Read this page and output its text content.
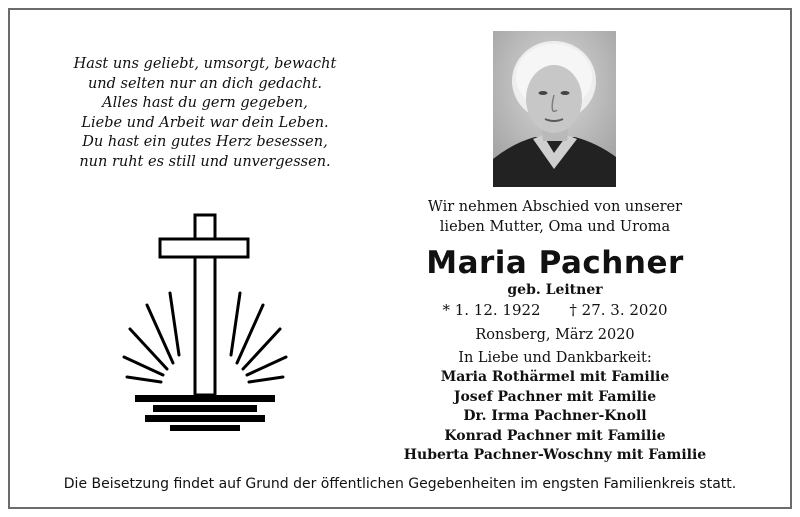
Hast uns geliebt, umsorgt, bewacht
und selten nur an dich gedacht.
Alles hast du gern gegeben,
Liebe und Arbeit war dein Leben.
Du hast ein gutes Herz besessen,
nun ruht es still und unvergessen.
Wir nehmen Abschied von unserer
lieben Mutter, Oma und Uroma
Maria Pachner
geb. Leitner
* 1. 12. 1922 † 27. 3. 2020
Ronsberg, März 2020
In Liebe und Dankbarkeit:
Maria Rothärmel mit Familie
Josef Pachner mit Familie
Dr. Irma Pachner-Knoll
Konrad Pachner mit Familie
Huberta Pachner-Woschny mit Familie
Die Beisetzung findet auf Grund der öffentlichen Gegebenheiten im engsten Familienkreis statt.
